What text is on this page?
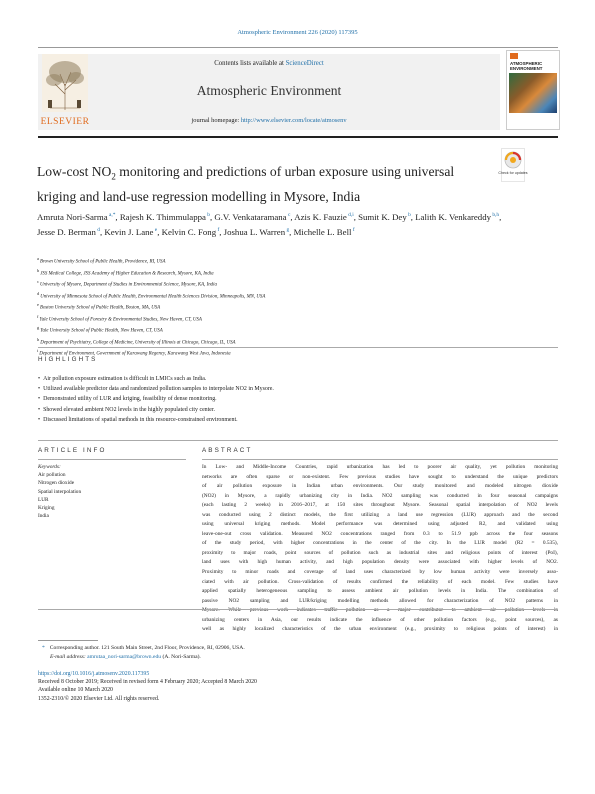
Atmospheric Environment 226 (2020) 117395
Contents lists available at ScienceDirect
Atmospheric Environment
journal homepage: http://www.elsevier.com/locate/atmosenv
ELSEVIER
ATMOSPHERIC ENVIRONMENT
Low-cost $NO_2$ monitoring and predictions of urban exposure using universal kriging and land-use regression modelling in Mysore, India
Check for updates
Amruta Nori-Sarma $^{a,*}$, Rajesh K. Thimmulappa $^b$, G.V. Venkataramana $^c$, Azis K. Fauzie $^{d,i}$, Sumit K. Dey $^b$, Lalith K. Venkareddy $^{b,h}$, Jesse D. Berman $^d$, Kevin J. Lane $^e$, Kelvin C. Fong $^f$, Joshua L. Warren $^g$, Michelle L. Bell $^f$
aBrown University School of Public Health, Providence, RI, USA
bJSS Medical College, JSS Academy of Higher Education & Research, Mysore, KA, India
cUniversity of Mysore, Department of Studies in Environmental Science, Mysore, KA, India
dUniversity of Minnesota School of Public Health, Environmental Health Sciences Division, Minneapolis, MN, USA
eBoston University School of Public Health, Boston, MA, USA
fYale University School of Forestry & Environmental Studies, New Haven, CT, USA
gYale University School of Public Health, New Haven, CT, USA
hDepartment of Psychiatry, College of Medicine, University of Illinois at Chicago, Chicago, IL, USA
iDepartment of Environment, Government of Karawang Regency, Karawang West Java, Indonesia
HIGHLIGHTS
• Air pollution exposure estimation is difficult in LMICs such as India.
• Utilized available predictor data and randomized pollution samples to interpolate NO2 in Mysore.
• Demonstrated utility of LUR and kriging, feasibility of dense monitoring.
• Showed elevated ambient NO2 levels in the highly populated city center.
• Discussed limitations of spatial methods in this resource-constrained environment.
ARTICLE INFO	ABSTRACT
Keywords:
Air pollution
Nitrogen dioxide
Spatial interpolation
LUR
Kriging
India
In Low- and Middle-Income Countries, rapid urbanization has led to poorer air quality, yet pollution monitoring
networks are often sparse or non-existent. Few previous studies have sought to understand the unique predictors
of air pollution exposure in Indian urban environments. Our study monitored and modeled nitrogen dioxide
(NO2) in Mysore, a rapidly urbanizing city in India. NO2 sampling was conducted in four seasonal campaigns
(each lasting 2 weeks) in 2016–2017, at 150 sites throughout Mysore. Seasonal spatial interpolation of NO2 levels
was conducted using 2 distinct models, the first utilizing a land use regression (LUR) approach and the second
using universal kriging methods. Model performance was determined using adjusted R2, and validated using
leave-one-out cross validation. Measured NO2 concentrations ranged from 0.3 to 51.9 ppb across the four seasons
of the study period, with higher concentrations in the center of the city. In the LUR model (R2 = 0.535),
proximity to major roads, point sources of pollution such as industrial sites and religious points of interest (PoI),
land uses with high human activity, and high population density were associated with higher levels of NO2.
Proximity to minor roads and coverage of land uses characterized by low human activity were inversely asso-
ciated with air pollution. Cross-validation of results confirmed the reliability of each model. Few studies have
applied spatially heterogeneous sampling to assess ambient air pollution levels in India. The combination of
passive NO2 sampling and LUR/kriging modelling methods allowed for characterization of NO2 patterns in
Mysore. While previous work indicates traffic pollution as a major contributor to ambient air pollution levels in
urbanizing centers in Asia, our results indicate the influence of other pollution factors (e.g., point sources), as
well as highly localized characteristics of the urban environment (e.g., proximity to religious points of interest) in
* Corresponding author. 121 South Main Street, 2nd Floor, Providence, RI, 02906, USA.
E-mail address: amrutaa_nori-sarma@brown.edu (A. Nori-Sarma).
https://doi.org/10.1016/j.atmosenv.2020.117395
Received 8 October 2019; Received in revised form 4 February 2020; Accepted 8 March 2020
Available online 10 March 2020
1352-2310/© 2020 Elsevier Ltd. All rights reserved.
